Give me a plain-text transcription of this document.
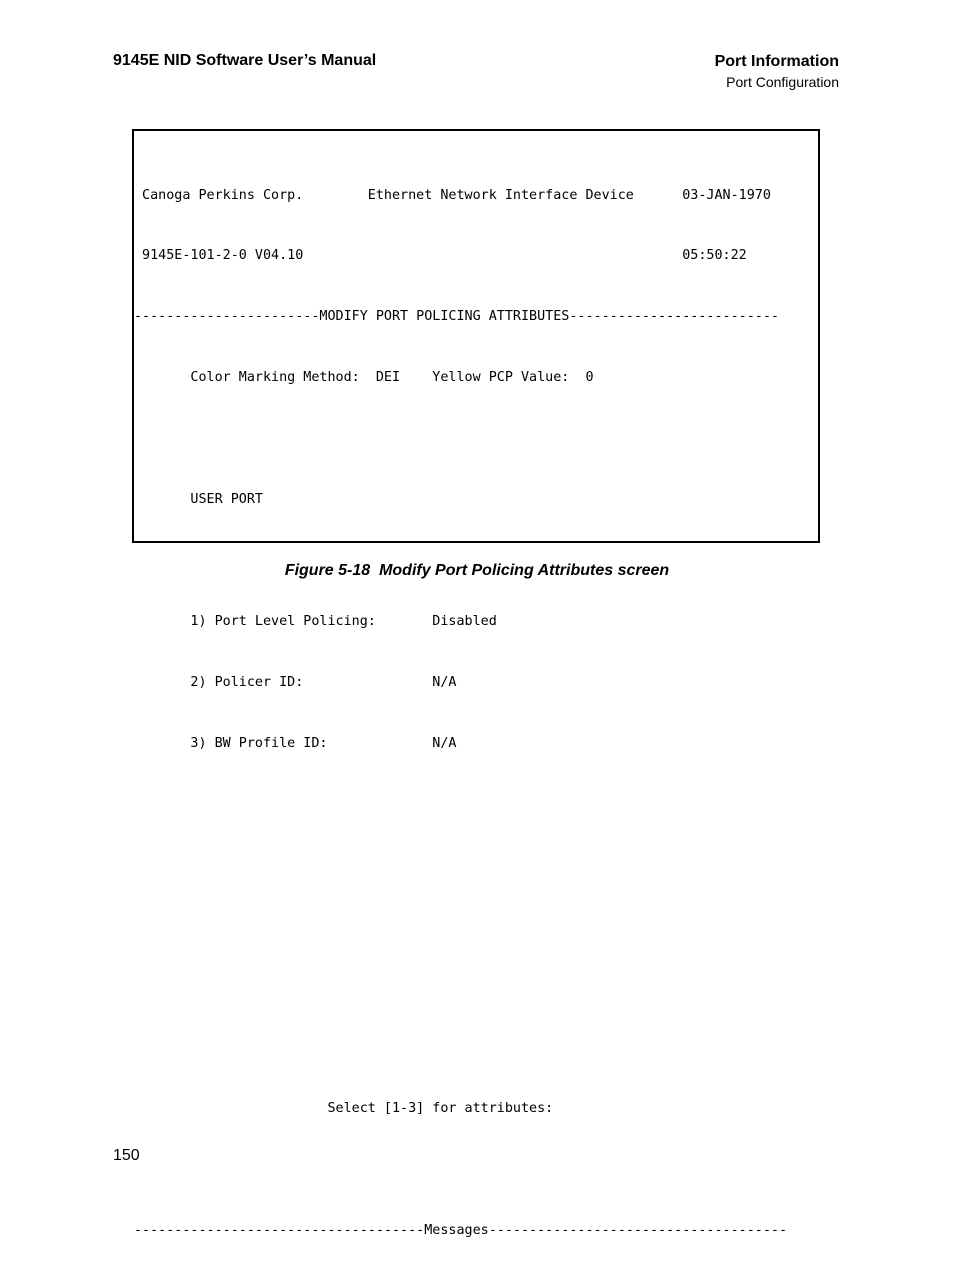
9145E NID Software User’s Manual	Port Information
Port Configuration

Canoga Perkins Corp.        Ethernet Network Interface Device      03-JAN-1970

9145E-101-2-0 V04.10                                               05:50:22

-----------------------MODIFY PORT POLICING ATTRIBUTES--------------------------

Color Marking Method:  DEI    Yellow PCP Value:  0

USER PORT

1) Port Level Policing:       Disabled

2) Policer ID:                N/A

3) BW Profile ID:             N/A

Select [1-3] for attributes:

------------------------------------Messages-------------------------------------

Figure 5-18  Modify Port Policing Attributes screen
150
